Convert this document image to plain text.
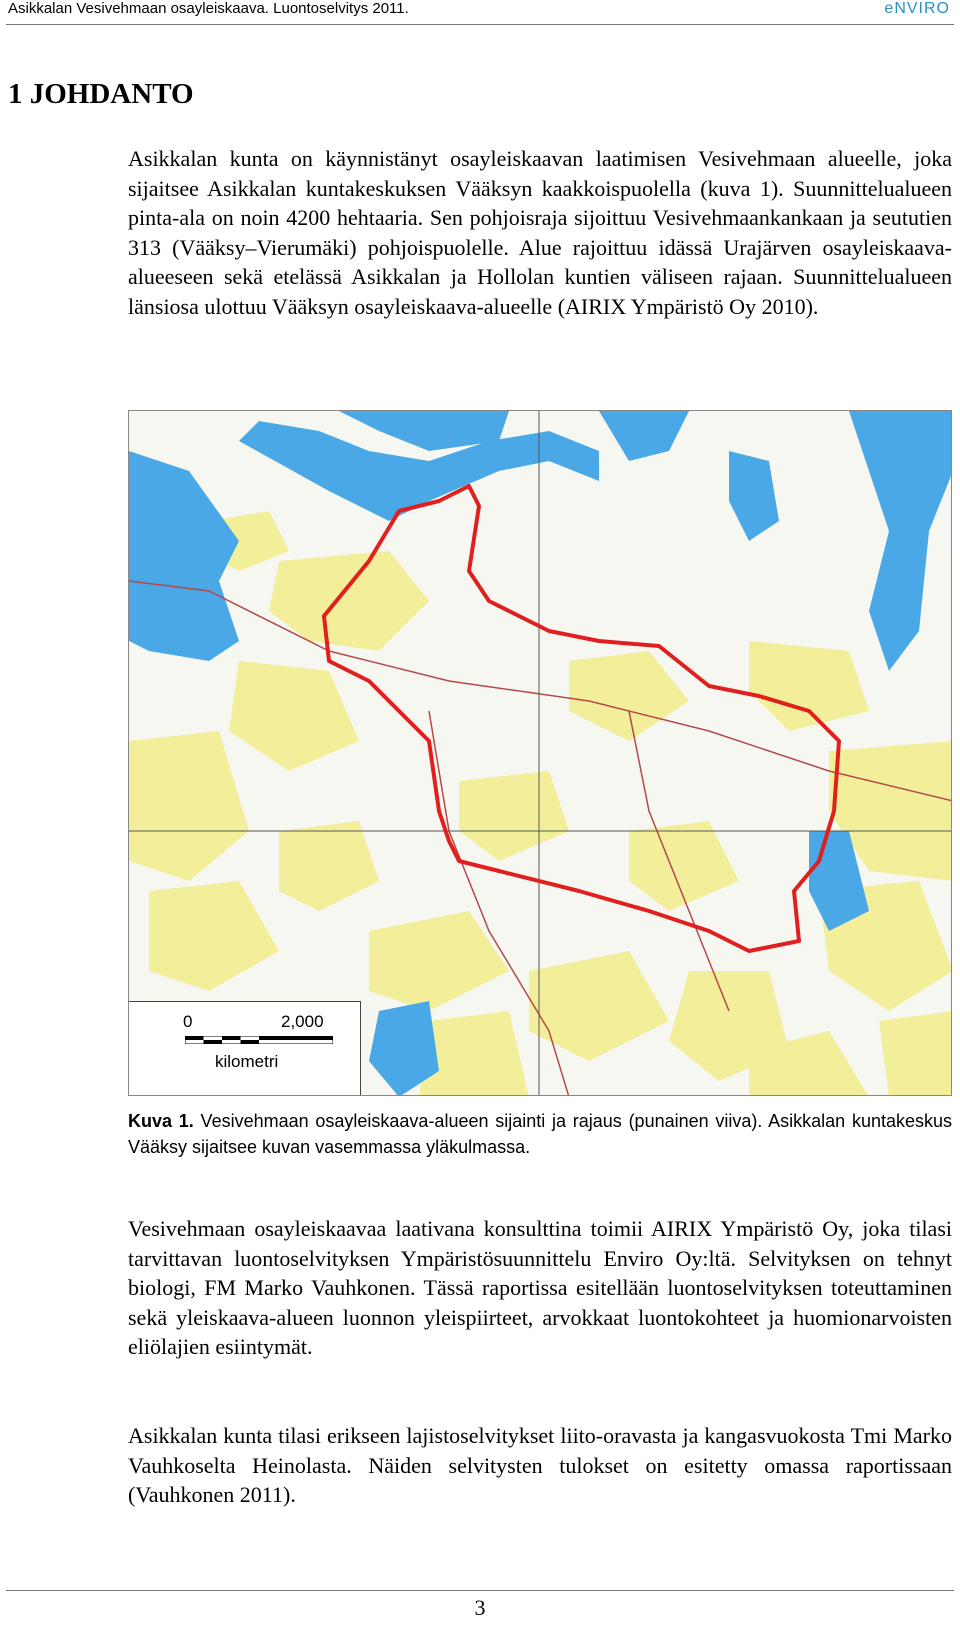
Asikkalan Vesivehmaan osayleiskaava. Luontoselvitys 2011.	eNVIRO
1 JOHDANTO

Asikkalan kunta on käynnistänyt osayleiskaavan laatimisen Vesivehmaan alueelle, joka sijaitsee Asikkalan kuntakeskuksen Vääksyn kaakkoispuolella (kuva 1). Suunnittelualueen pinta-ala on noin 4200 hehtaaria. Sen pohjoisraja sijoittuu Vesivehmaankankaan ja seututien 313 (Vääksy–Vierumäki) pohjoispuolelle. Alue rajoittuu idässä Urajärven osayleiskaava-alueeseen sekä etelässä Asikkalan ja Hollolan kuntien väliseen rajaan. Suunnittelualueen länsiosa ulottuu Vääksyn osayleiskaava-alueelle (AIRIX Ympäristö Oy 2010).

0	2,000
kilometri

Kuva 1. Vesivehmaan osayleiskaava-alueen sijainti ja rajaus (punainen viiva). Asikkalan kuntakeskus Vääksy sijaitsee kuvan vasemmassa yläkulmassa.

Vesivehmaan osayleiskaavaa laativana konsulttina toimii AIRIX Ympäristö Oy, joka tilasi tarvittavan luontoselvityksen Ympäristösuunnittelu Enviro Oy:ltä. Selvityksen on tehnyt biologi, FM Marko Vauhkonen. Tässä raportissa esitellään luontoselvityksen toteuttaminen sekä yleiskaava-alueen luonnon yleispiirteet, arvokkaat luontokohteet ja huomionarvoisten eliölajien esiintymät.

Asikkalan kunta tilasi erikseen lajistoselvitykset liito-oravasta ja kangasvuokosta Tmi Marko Vauhkoselta Heinolasta. Näiden selvitysten tulokset on esitetty omassa raportissaan (Vauhkonen 2011).

3
